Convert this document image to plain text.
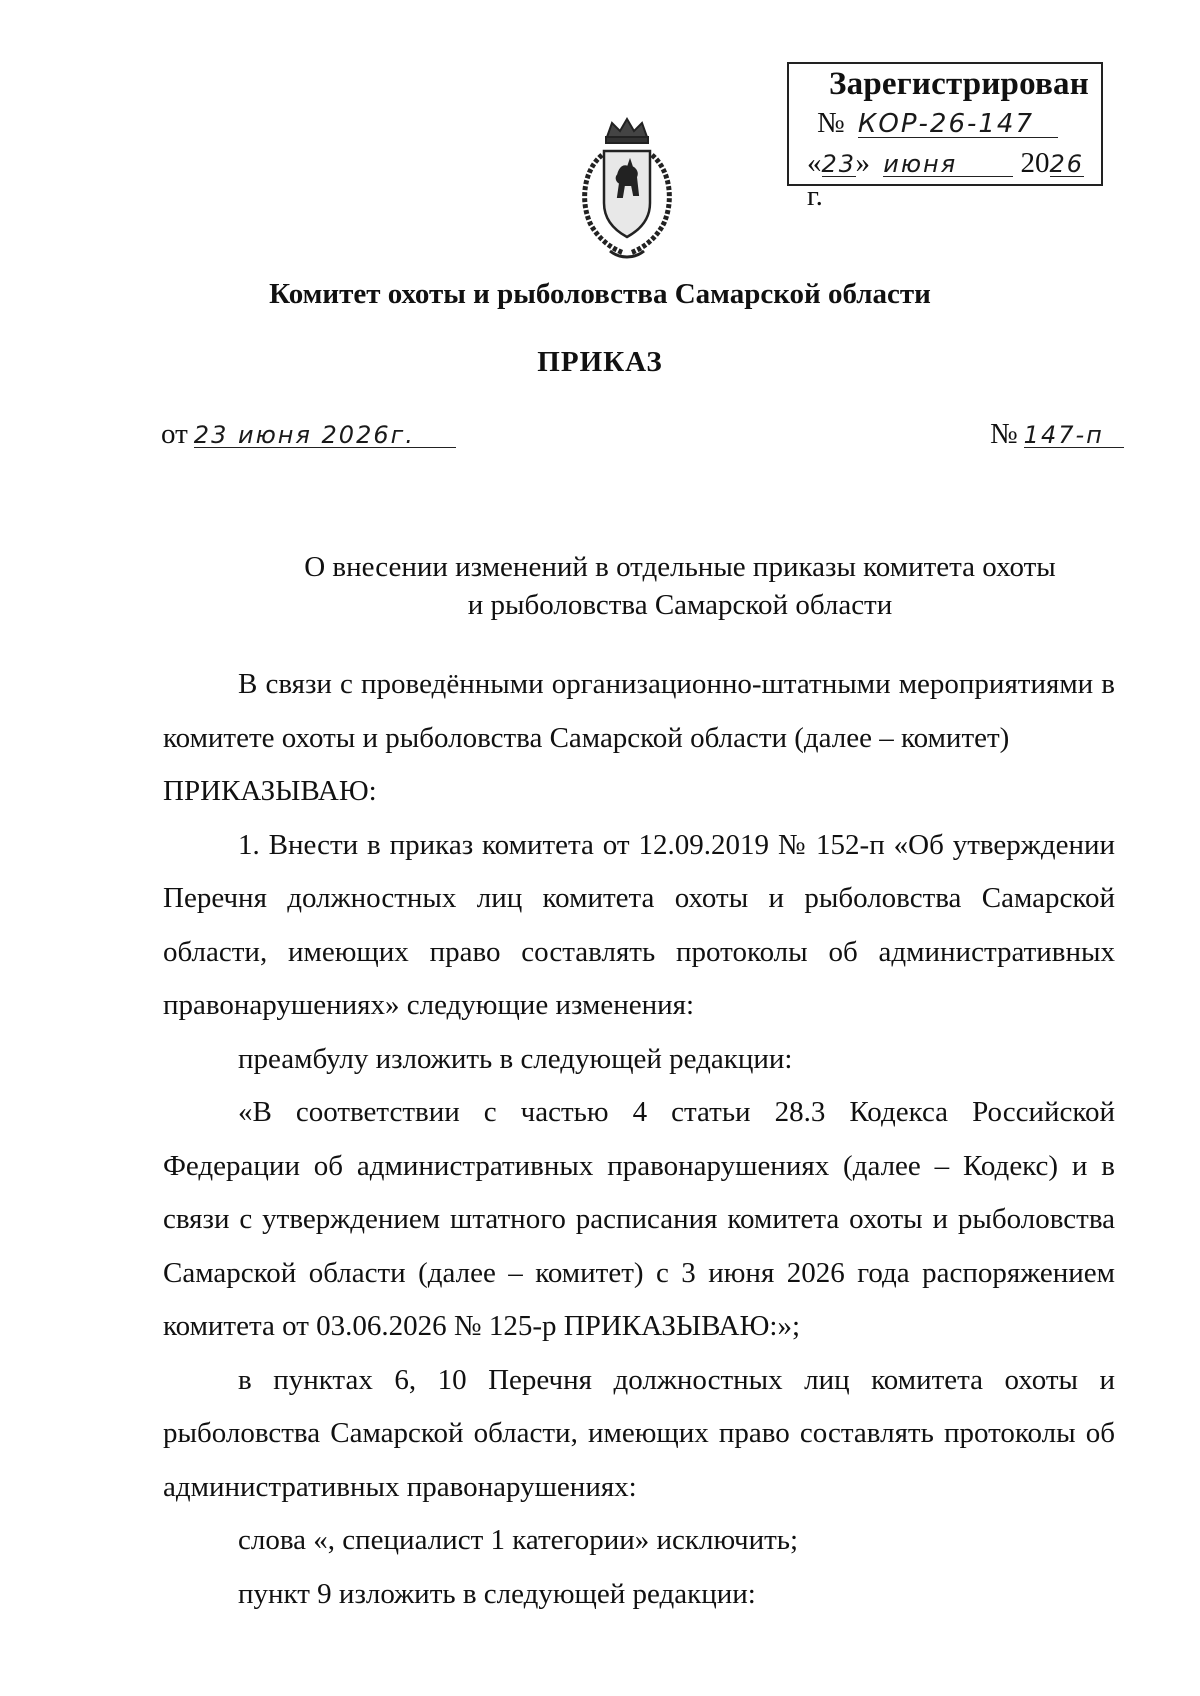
Зарегистрирован
№ КОР-26-147
«23» июня 2026 г.
Комитет охоты и рыболовства Самарской области
ПРИКАЗ
от 23 июня 2026г.	№ 147-п
О внесении изменений в отдельные приказы комитета охоты
и рыболовства Самарской области

В связи с проведёнными организационно-штатными мероприятиями в комитете охоты и рыболовства Самарской области (далее – комитет)

ПРИКАЗЫВАЮ:

1. Внести в приказ комитета от 12.09.2019 № 152-п «Об утверждении Перечня должностных лиц комитета охоты и рыболовства Самарской области, имеющих право составлять протоколы об административных правонарушениях» следующие изменения:

преамбулу изложить в следующей редакции:

«В соответствии с частью 4 статьи 28.3 Кодекса Российской Федерации об административных правонарушениях (далее – Кодекс) и в связи с утверждением штатного расписания комитета охоты и рыболовства Самарской области (далее – комитет) с 3 июня 2026 года распоряжением комитета от 03.06.2026 № 125-р ПРИКАЗЫВАЮ:»;

в пунктах 6, 10 Перечня должностных лиц комитета охоты и рыболовства Самарской области, имеющих право составлять протоколы об административных правонарушениях:

слова «, специалист 1 категории» исключить;

пункт 9 изложить в следующей редакции:
